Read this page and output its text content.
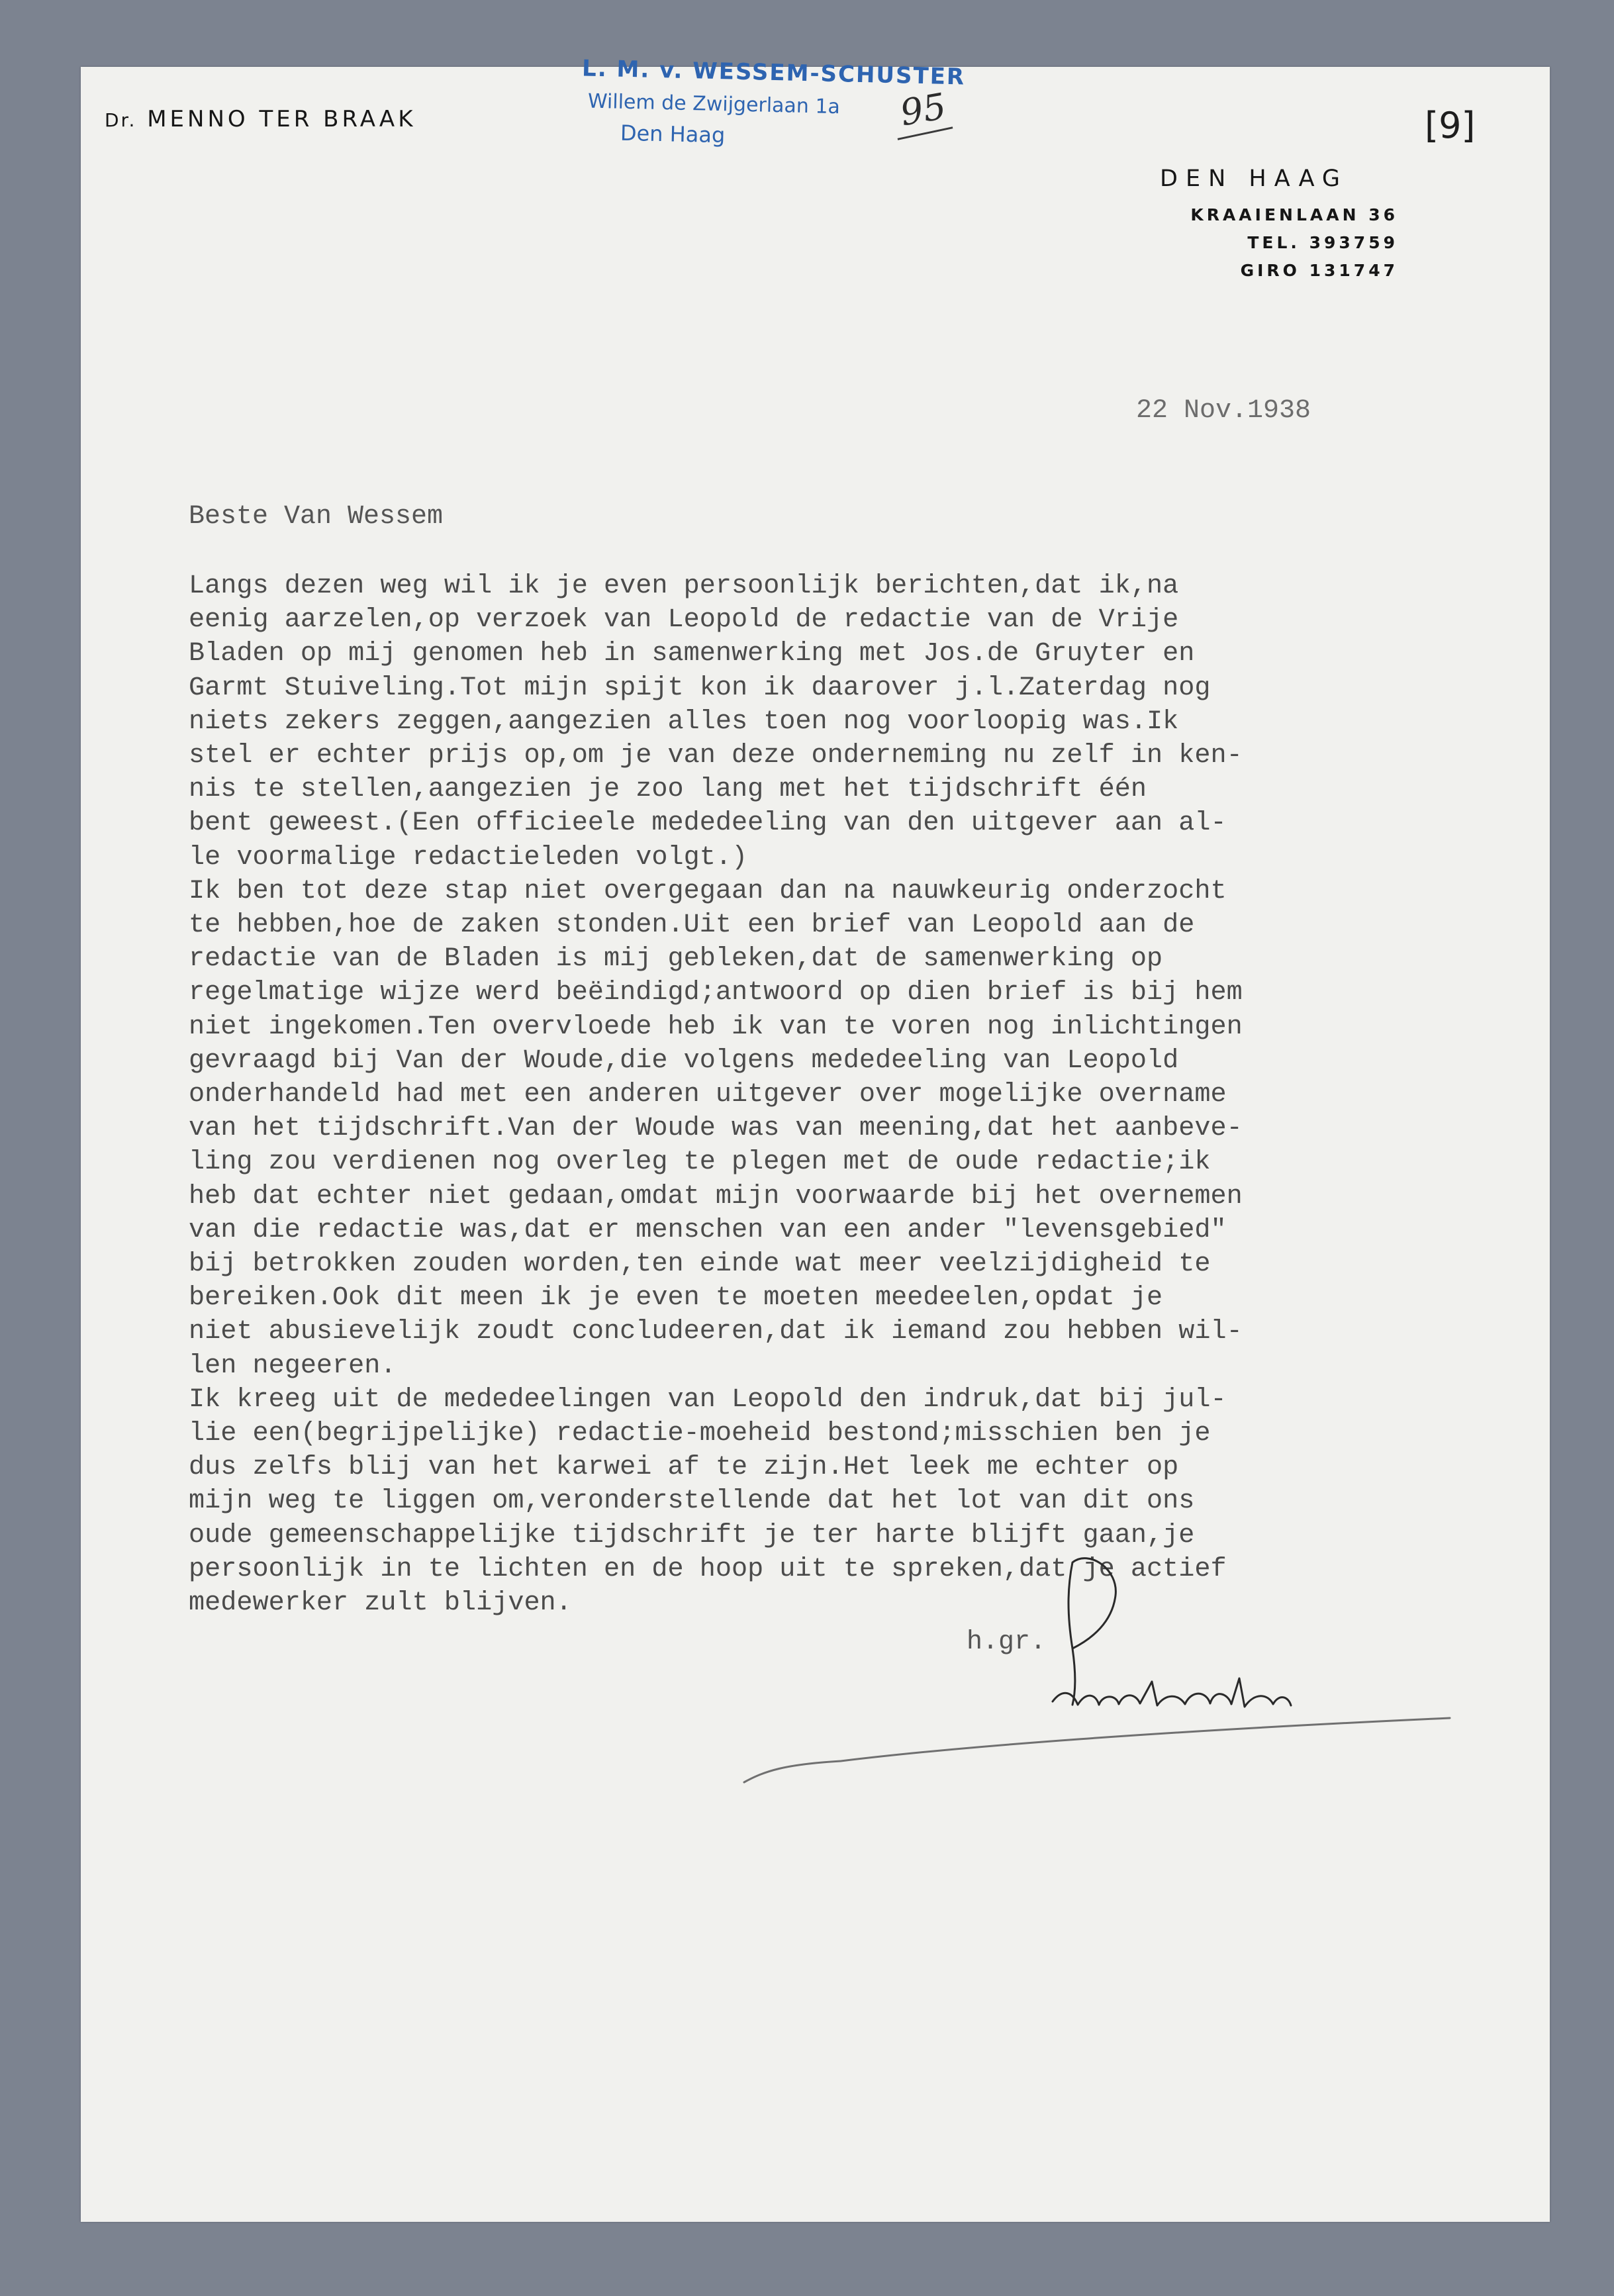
Dr. MENNO TER BRAAK
L. M. v. WESSEM-SCHUSTER
Willem de Zwijgerlaan 1a
Den Haag	95	[9]
DEN HAAG
KRAAIENLAAN 36
TEL. 393759
GIRO 131747
22 Nov.1938
Beste Van Wessem
Langs dezen weg wil ik je even persoonlijk berichten,dat ik,na
eenig aarzelen,op verzoek van Leopold de redactie van de Vrije
Bladen op mij genomen heb in samenwerking met Jos.de Gruyter en
Garmt Stuiveling.Tot mijn spijt kon ik daarover j.l.Zaterdag nog
niets zekers zeggen,aangezien alles toen nog voorloopig was.Ik
stel er echter prijs op,om je van deze onderneming nu zelf in ken-
nis te stellen,aangezien je zoo lang met het tijdschrift één
bent geweest.(Een officieele mededeeling van den uitgever aan al-
le voormalige redactieleden volgt.)
Ik ben tot deze stap niet overgegaan dan na nauwkeurig onderzocht
te hebben,hoe de zaken stonden.Uit een brief van Leopold aan de
redactie van de Bladen is mij gebleken,dat de samenwerking op
regelmatige wijze werd beëindigd;antwoord op dien brief is bij hem
niet ingekomen.Ten overvloede heb ik van te voren nog inlichtingen
gevraagd bij Van der Woude,die volgens mededeeling van Leopold
onderhandeld had met een anderen uitgever over mogelijke overname
van het tijdschrift.Van der Woude was van meening,dat het aanbeve-
ling zou verdienen nog overleg te plegen met de oude redactie;ik
heb dat echter niet gedaan,omdat mijn voorwaarde bij het overnemen
van die redactie was,dat er menschen van een ander "levensgebied"
bij betrokken zouden worden,ten einde wat meer veelzijdigheid te
bereiken.Ook dit meen ik je even te moeten meedeelen,opdat je
niet abusievelijk zoudt concludeeren,dat ik iemand zou hebben wil-
len negeeren.
Ik kreeg uit de mededeelingen van Leopold den indruk,dat bij jul-
lie een(begrijpelijke) redactie-moeheid bestond;misschien ben je
dus zelfs blij van het karwei af te zijn.Het leek me echter op
mijn weg te liggen om,veronderstellende dat het lot van dit ons
oude gemeenschappelijke tijdschrift je ter harte blijft gaan,je
persoonlijk in te lichten en de hoop uit te spreken,dat je actief
medewerker zult blijven.
h.gr.
